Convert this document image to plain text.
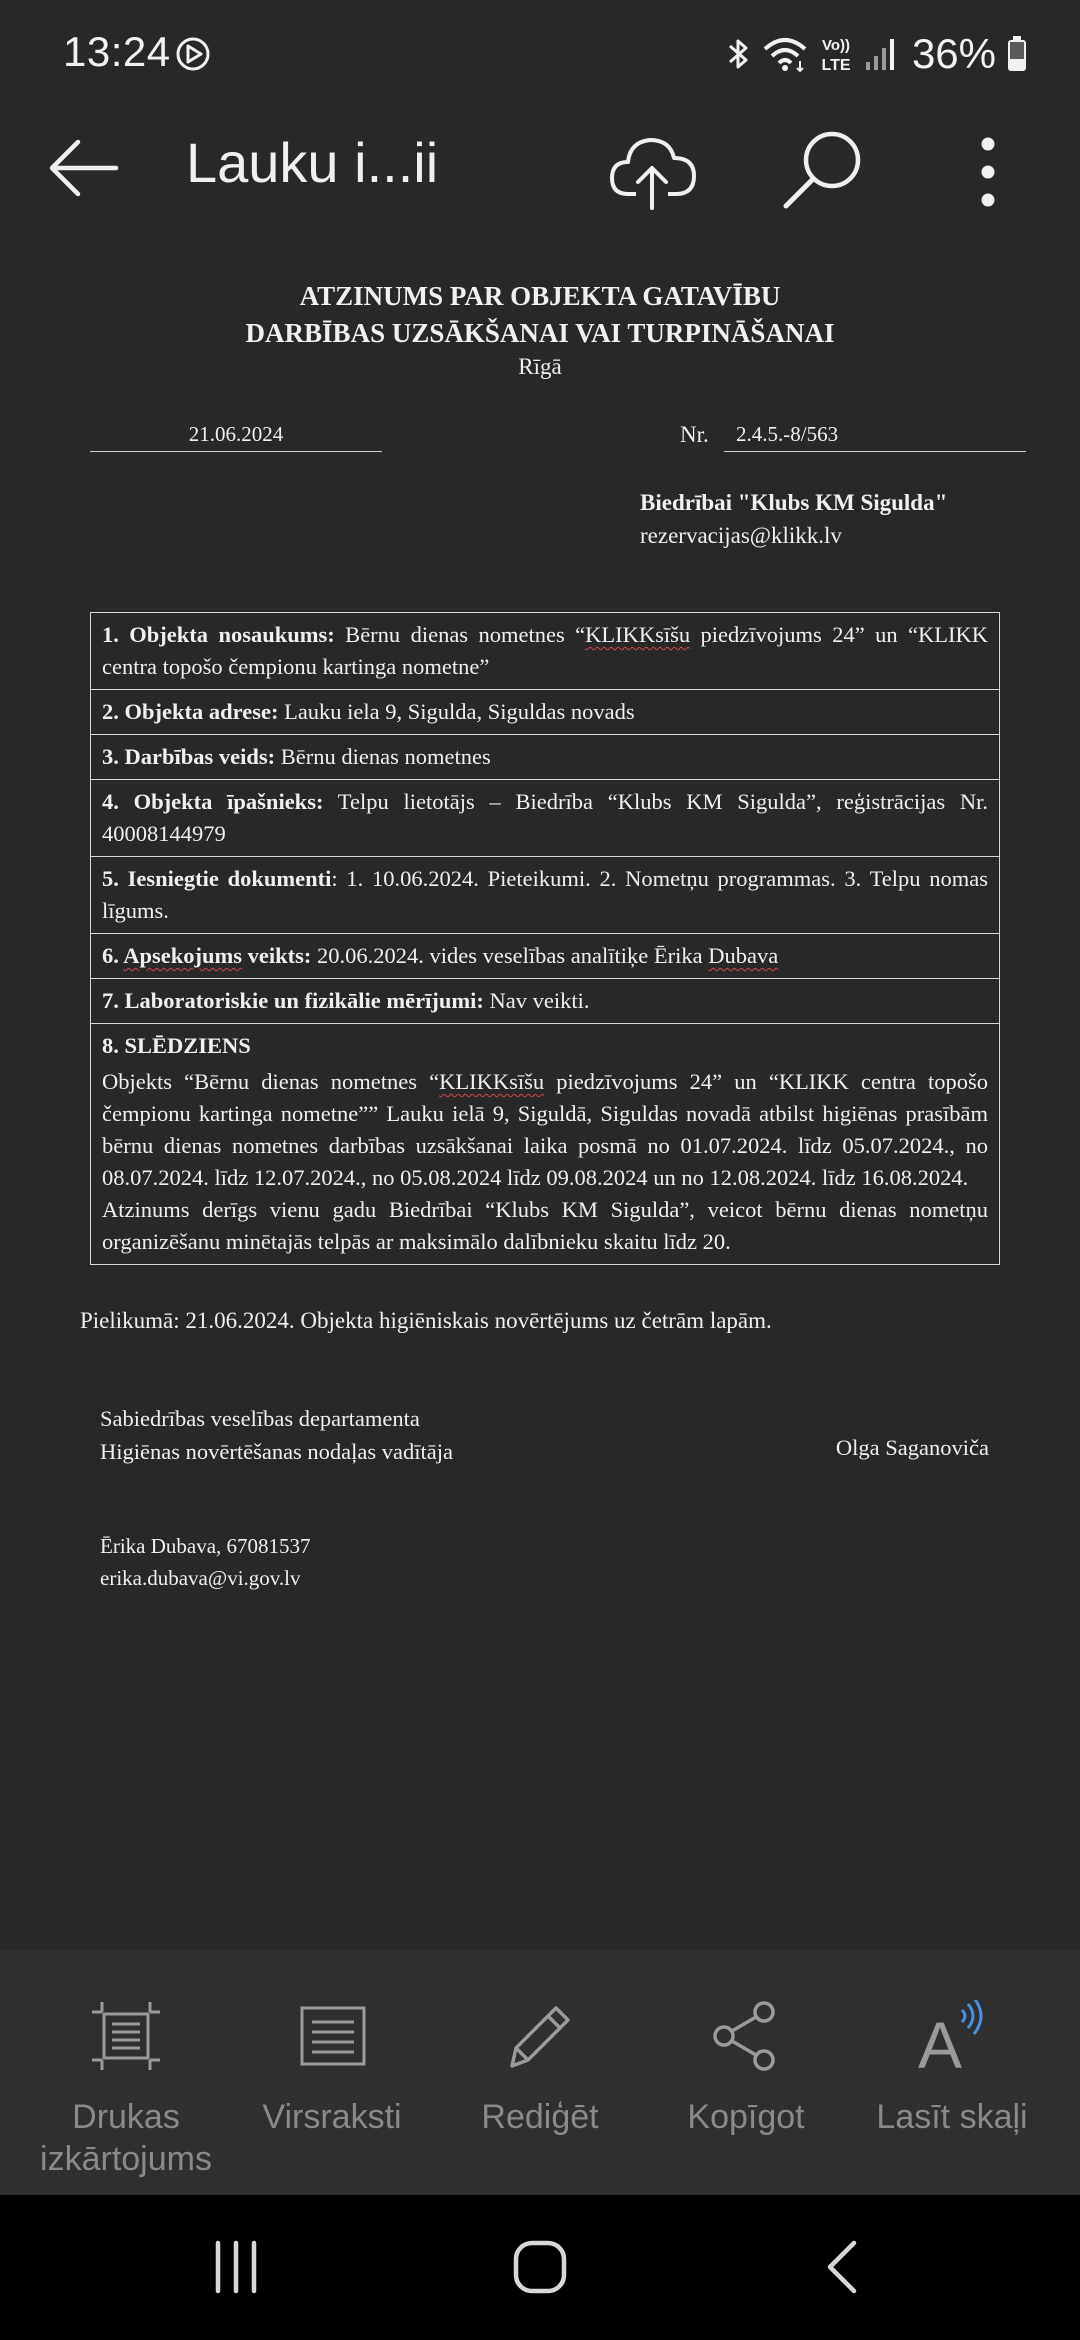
13:24	Vo))
LTE 36%
Lauku i...ii
ATZINUMS PAR OBJEKTA GATAVĪBU
DARBĪBAS UZSĀKŠANAI VAI TURPINĀŠANAI
Rīgā
21.06.2024	Nr.	2.4.5.-8/563
Biedrībai "Klubs KM Sigulda"
rezervacijas@klikk.lv
1. Objekta nosaukums: Bērnu dienas nometnes “KLIKKsīšu piedzīvojums 24” un “KLIKK centra topošo čempionu kartinga nometne”
2. Objekta adrese: Lauku iela 9, Sigulda, Siguldas novads
3. Darbības veids: Bērnu dienas nometnes
4. Objekta īpašnieks: Telpu lietotājs – Biedrība “Klubs KM Sigulda”, reģistrācijas Nr. 40008144979
5. Iesniegtie dokumenti: 1. 10.06.2024. Pieteikumi. 2. Nometņu programmas. 3. Telpu nomas līgums.
6. Apsekojums veikts: 20.06.2024. vides veselības analītiķe Ērika Dubava
7. Laboratoriskie un fizikālie mērījumi: Nav veikti.
8. SLĒDZIENS
Objekts “Bērnu dienas nometnes “KLIKKsīšu piedzīvojums 24” un “KLIKK centra topošo čempionu kartinga nometne”” Lauku ielā 9, Siguldā, Siguldas novadā atbilst higiēnas prasībām bērnu dienas nometnes darbības uzsākšanai laika posmā no 01.07.2024. līdz 05.07.2024., no 08.07.2024. līdz 12.07.2024., no 05.08.2024 līdz 09.08.2024 un no 12.08.2024. līdz 16.08.2024.
Atzinums derīgs vienu gadu Biedrībai “Klubs KM Sigulda”, veicot bērnu dienas nometņu organizēšanu minētajās telpās ar maksimālo dalībnieku skaitu līdz 20.
Pielikumā: 21.06.2024. Objekta higiēniskais novērtējums uz četrām lapām.
Sabiedrības veselības departamenta
Higiēnas novērtēšanas nodaļas vadītāja	Olga Saganoviča
Ērika Dubava, 67081537
erika.dubava@vi.gov.lv
Drukas
izkārtojums
Virsraksti	Rediģēt	Kopīgot
A
Lasīt skaļi
